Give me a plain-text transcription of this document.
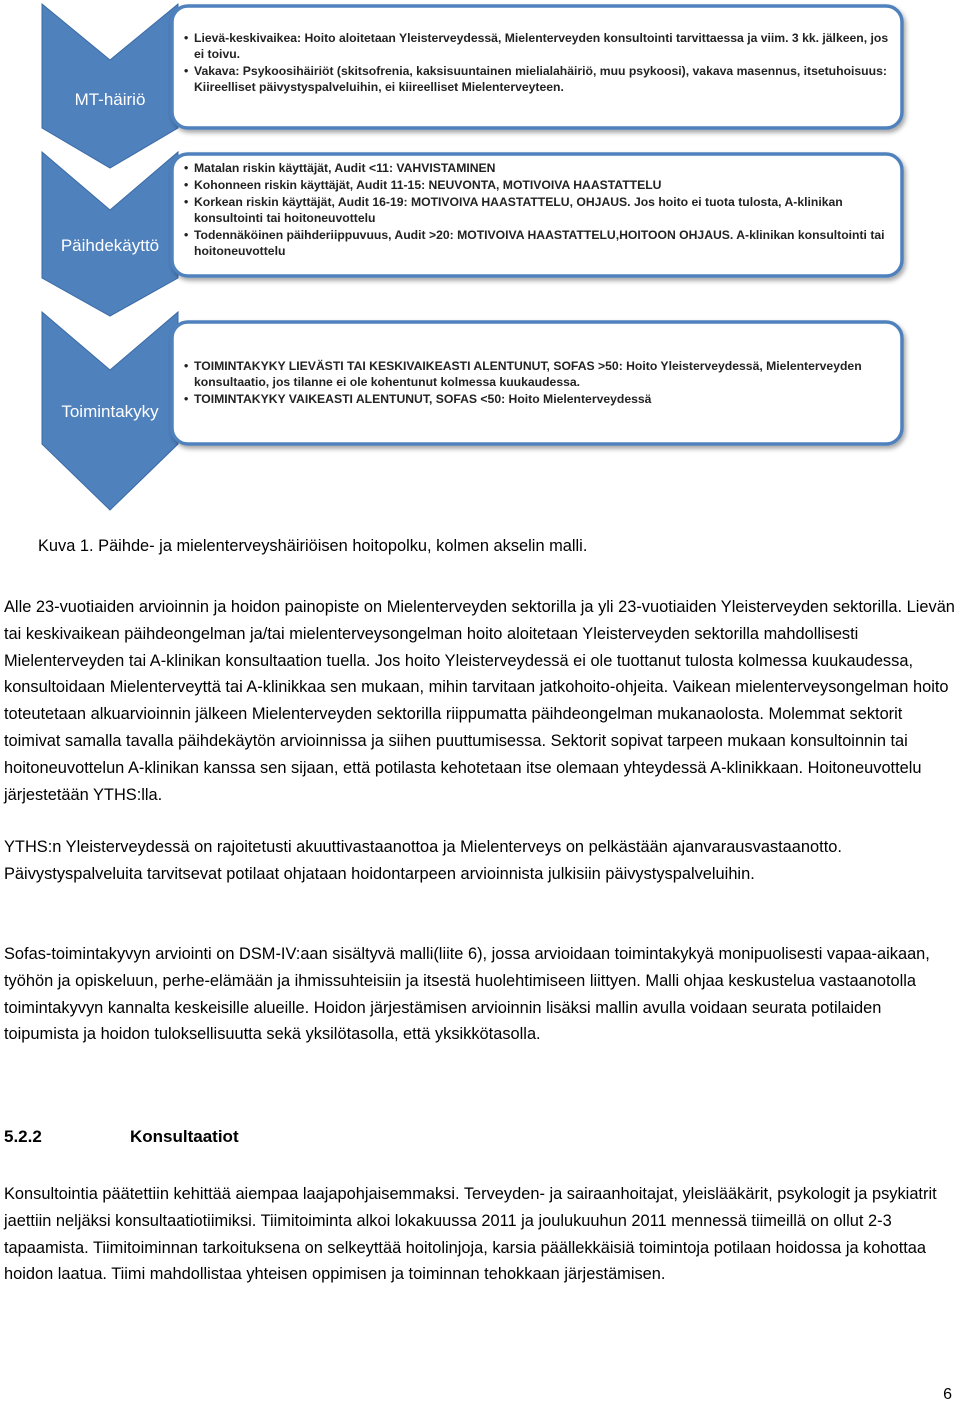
MT-häiriö
Päihdekäyttö
Toimintakyky
• Lievä-keskivaikea: Hoito aloitetaan Yleisterveydessä, Mielenterveyden konsultointi tarvittaessa ja viim. 3 kk. jälkeen, jos ei toivu.
• Vakava: Psykoosihäiriöt (skitsofrenia, kaksisuuntainen mielialahäiriö, muu psykoosi), vakava masennus, itsetuhoisuus: Kiireelliset päivystyspalveluihin, ei kiireelliset Mielenterveyteen.
• Matalan riskin käyttäjät, Audit <11: VAHVISTAMINEN
• Kohonneen riskin käyttäjät, Audit 11-15: NEUVONTA, MOTIVOIVA HAASTATTELU
• Korkean riskin käyttäjät, Audit 16-19: MOTIVOIVA HAASTATTELU, OHJAUS. Jos hoito ei tuota tulosta, A-klinikan konsultointi tai hoitoneuvottelu
• Todennäköinen päihderiippuvuus, Audit >20: MOTIVOIVA HAASTATTELU,HOITOON OHJAUS. A-klinikan konsultointi tai hoitoneuvottelu
• TOIMINTAKYKY LIEVÄSTI TAI KESKIVAIKEASTI ALENTUNUT, SOFAS >50: Hoito Yleisterveydessä, Mielenterveyden konsultaatio, jos tilanne ei ole kohentunut kolmessa kuukaudessa.
• TOIMINTAKYKY VAIKEASTI ALENTUNUT, SOFAS <50: Hoito Mielenterveydessä
Kuva 1. Päihde- ja mielenterveyshäiriöisen hoitopolku, kolmen akselin malli.

Alle 23-vuotiaiden arvioinnin ja hoidon painopiste on Mielenterveyden sektorilla ja yli 23-vuotiaiden Yleisterveyden sektorilla. Lievän tai keskivaikean päihdeongelman ja/tai mielenterveysongelman hoito aloitetaan Yleisterveyden sektorilla mahdollisesti Mielenterveyden tai A-klinikan konsultaation tuella. Jos hoito Yleisterveydessä ei ole tuottanut tulosta kolmessa kuukaudessa, konsultoidaan Mielenterveyttä tai A-klinikkaa sen mukaan, mihin tarvitaan jatkohoito-ohjeita. Vaikean mielenterveysongelman hoito toteutetaan alkuarvioinnin jälkeen Mielenterveyden sektorilla riippumatta päihdeongelman mukanaolosta. Molemmat sektorit toimivat samalla tavalla päihdekäytön arvioinnissa ja siihen puuttumisessa. Sektorit sopivat tarpeen mukaan konsultoinnin tai hoitoneuvottelun A-klinikan kanssa sen sijaan, että potilasta kehotetaan itse olemaan yhteydessä A-klinikkaan. Hoitoneuvottelu järjestetään YTHS:lla.

YTHS:n Yleisterveydessä on rajoitetusti akuuttivastaanottoa ja Mielenterveys on pelkästään ajanvarausvastaanotto. Päivystyspalveluita tarvitsevat potilaat ohjataan hoidontarpeen arvioinnista julkisiin päivystyspalveluihin.

Sofas-toimintakyvyn arviointi on DSM-IV:aan sisältyvä malli(liite 6), jossa arvioidaan toimintakykyä monipuolisesti vapaa-aikaan, työhön ja opiskeluun, perhe-elämään ja ihmissuhteisiin ja itsestä huolehtimiseen liittyen. Malli ohjaa keskustelua vastaanotolla toimintakyvyn kannalta keskeisille alueille. Hoidon järjestämisen arvioinnin lisäksi mallin avulla voidaan seurata potilaiden toipumista ja hoidon tuloksellisuutta sekä yksilötasolla, että yksikkötasolla.

5.2.2	Konsultaatiot

Konsultointia päätettiin kehittää aiempaa laajapohjaisemmaksi. Terveyden- ja sairaanhoitajat, yleislääkärit, psykologit ja psykiatrit jaettiin neljäksi konsultaatiotiimiksi. Tiimitoiminta alkoi lokakuussa 2011 ja joulukuuhun 2011 mennessä tiimeillä on ollut 2-3 tapaamista. Tiimitoiminnan tarkoituksena on selkeyttää hoitolinjoja, karsia päällekkäisiä toimintoja potilaan hoidossa ja kohottaa hoidon laatua. Tiimi mahdollistaa yhteisen oppimisen ja toiminnan tehokkaan järjestämisen.

6
